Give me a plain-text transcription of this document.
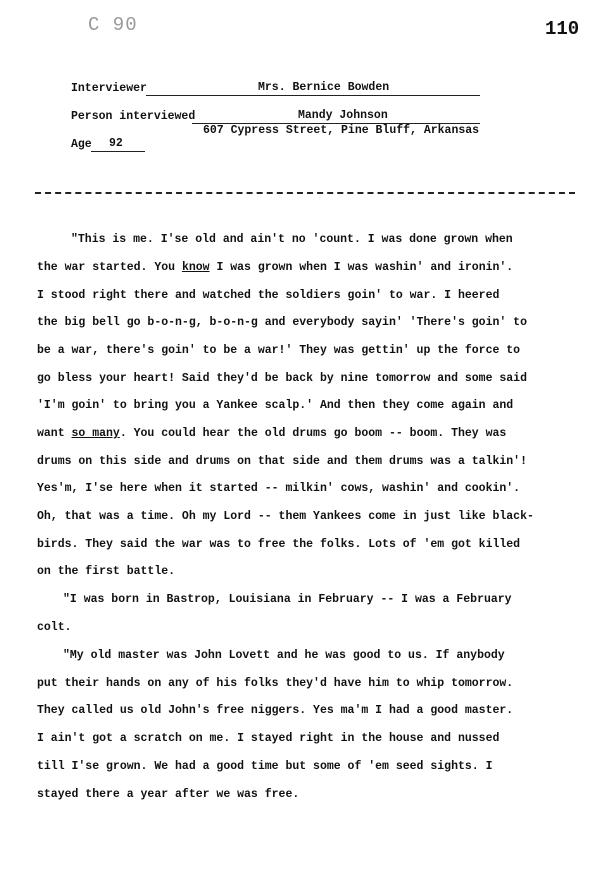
C 90	110
Interviewer	Mrs. Bernice Bowden
Person interviewed	Mandy Johnson
607 Cypress Street, Pine Bluff, Arkansas
Age 92
"This is me. I'se old and ain't no 'count. I was done grown when
the war started. You know I was grown when I was washin' and ironin'.
I stood right there and watched the soldiers goin' to war. I heered
the big bell go b-o-n-g, b-o-n-g and everybody sayin' 'There's goin' to
be a war, there's goin' to be a war!' They was gettin' up the force to
go bless your heart! Said they'd be back by nine tomorrow and some said
'I'm goin' to bring you a Yankee scalp.' And then they come again and
want so many. You could hear the old drums go boom -- boom. They was
drums on this side and drums on that side and them drums was a talkin'!
Yes'm, I'se here when it started -- milkin' cows, washin' and cookin'.
Oh, that was a time. Oh my Lord -- them Yankees come in just like black-
birds. They said the war was to free the folks. Lots of 'em got killed
on the first battle.
"I was born in Bastrop, Louisiana in February -- I was a February
colt.
"My old master was John Lovett and he was good to us. If anybody
put their hands on any of his folks they'd have him to whip tomorrow.
They called us old John's free niggers. Yes ma'm I had a good master.
I ain't got a scratch on me. I stayed right in the house and nussed
till I'se grown. We had a good time but some of 'em seed sights. I
stayed there a year after we was free.
